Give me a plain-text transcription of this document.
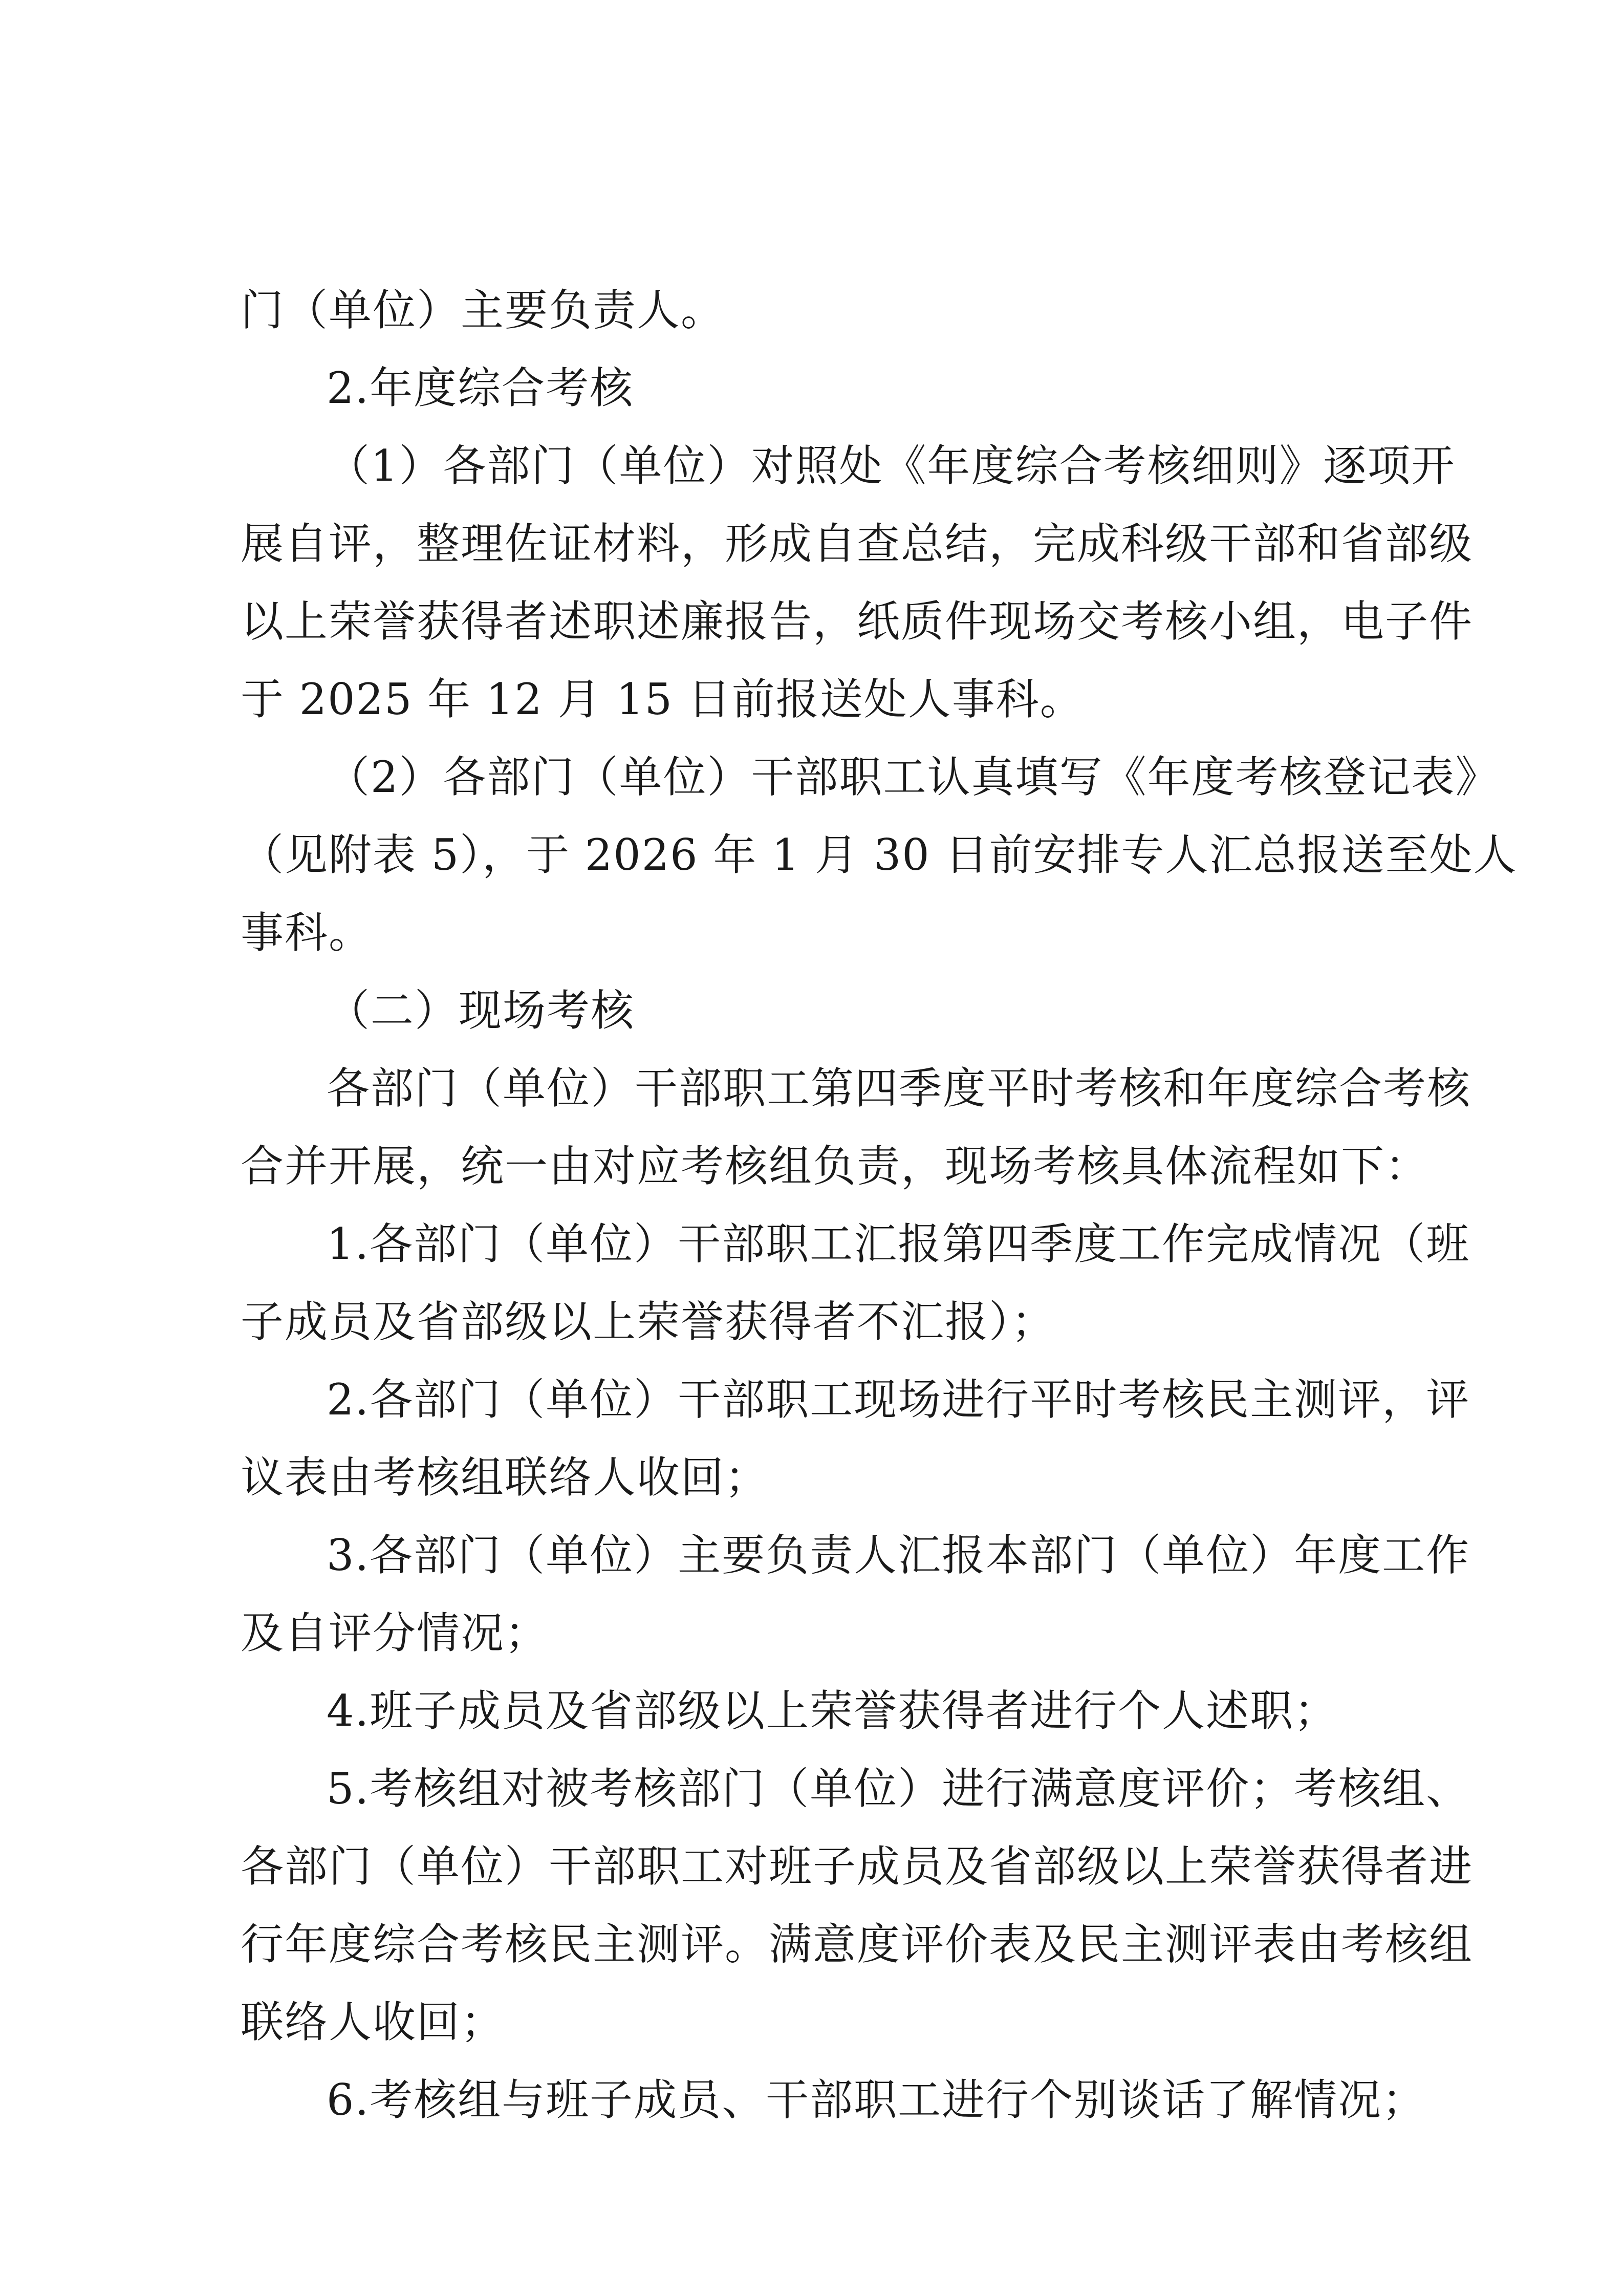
门（单位）主要负责人。

2.年度综合考核

（1）各部门（单位）对照处《年度综合考核细则》逐项开
展自评，整理佐证材料，形成自查总结，完成科级干部和省部级
以上荣誉获得者述职述廉报告，纸质件现场交考核小组，电子件
于 2025 年 12 月 15 日前报送处人事科。

（2）各部门（单位）干部职工认真填写《年度考核登记表》
（见附表 5），于 2026 年 1 月 30 日前安排专人汇总报送至处人
事科。

（二）现场考核

各部门（单位）干部职工第四季度平时考核和年度综合考核
合并开展，统一由对应考核组负责，现场考核具体流程如下：

1.各部门（单位）干部职工汇报第四季度工作完成情况（班
子成员及省部级以上荣誉获得者不汇报）；

2.各部门（单位）干部职工现场进行平时考核民主测评，评
议表由考核组联络人收回；

3.各部门（单位）主要负责人汇报本部门（单位）年度工作
及自评分情况；

4.班子成员及省部级以上荣誉获得者进行个人述职；

5.考核组对被考核部门（单位）进行满意度评价；考核组、
各部门（单位）干部职工对班子成员及省部级以上荣誉获得者进
行年度综合考核民主测评。满意度评价表及民主测评表由考核组
联络人收回；

6.考核组与班子成员、干部职工进行个别谈话了解情况；
